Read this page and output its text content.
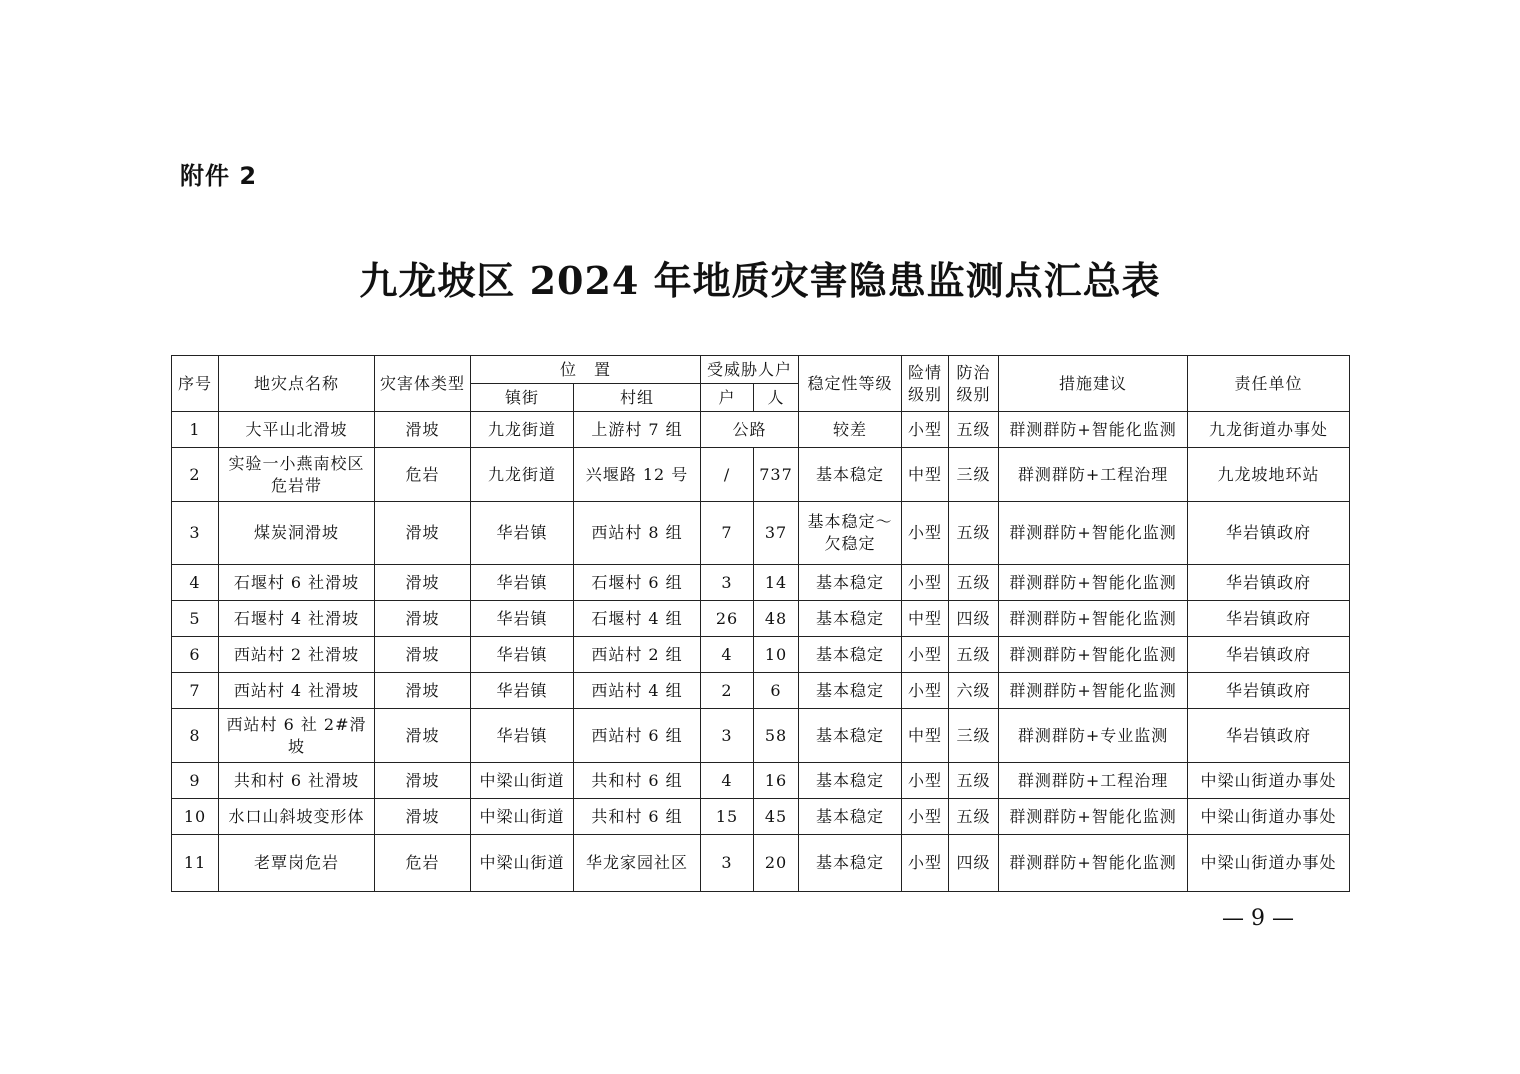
附件 2
九龙坡区 2024 年地质灾害隐患监测点汇总表
序号	地灾点名称	灾害体类型	位　置		受威胁人户		稳定性等级	险情级别	防治级别	措施建议	责任单位
			镇街	村组	户	人					
1	大平山北滑坡	滑坡	九龙街道	上游村 7 组	公路		较差	小型	五级	群测群防+智能化监测	九龙街道办事处
2	实验一小燕南校区危岩带	危岩	九龙街道	兴堰路 12 号	/	737	基本稳定	中型	三级	群测群防+工程治理	九龙坡地环站
3	煤炭洞滑坡	滑坡	华岩镇	西站村 8 组	7	37	基本稳定～欠稳定	小型	五级	群测群防+智能化监测	华岩镇政府
4	石堰村 6 社滑坡	滑坡	华岩镇	石堰村 6 组	3	14	基本稳定	小型	五级	群测群防+智能化监测	华岩镇政府
5	石堰村 4 社滑坡	滑坡	华岩镇	石堰村 4 组	26	48	基本稳定	中型	四级	群测群防+智能化监测	华岩镇政府
6	西站村 2 社滑坡	滑坡	华岩镇	西站村 2 组	4	10	基本稳定	小型	五级	群测群防+智能化监测	华岩镇政府
7	西站村 4 社滑坡	滑坡	华岩镇	西站村 4 组	2	6	基本稳定	小型	六级	群测群防+智能化监测	华岩镇政府
8	西站村 6 社 2#滑坡	滑坡	华岩镇	西站村 6 组	3	58	基本稳定	中型	三级	群测群防+专业监测	华岩镇政府
9	共和村 6 社滑坡	滑坡	中梁山街道	共和村 6 组	4	16	基本稳定	小型	五级	群测群防+工程治理	中梁山街道办事处
10	水口山斜坡变形体	滑坡	中梁山街道	共和村 6 组	15	45	基本稳定	小型	五级	群测群防+智能化监测	中梁山街道办事处
11	老覃岗危岩	危岩	中梁山街道	华龙家园社区	3	20	基本稳定	小型	四级	群测群防+智能化监测	中梁山街道办事处
— 9 —
